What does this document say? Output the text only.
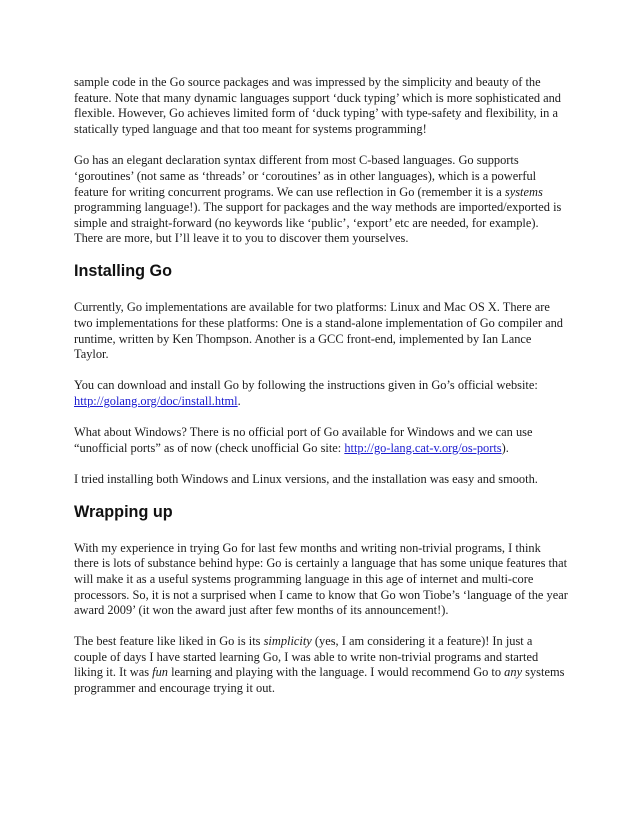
sample code in the Go source packages and was impressed by the simplicity and beauty of the feature. Note that many dynamic languages support ‘duck typing’ which is more sophisticated and flexible. However, Go achieves limited form of ‘duck typing’ with type-safety and flexibility, in a statically typed language and that too meant for systems programming!

Go has an elegant declaration syntax different from most C-based languages. Go supports ‘goroutines’ (not same as ‘threads’ or ‘coroutines’ as in other languages), which is a powerful feature for writing concurrent programs. We can use reflection in Go (remember it is a systems programming language!). The support for packages and the way methods are imported/exported is simple and straight-forward (no keywords like ‘public’, ‘export’ etc are needed, for example). There are more, but I’ll leave it to you to discover them yourselves.

Installing Go

Currently, Go implementations are available for two platforms: Linux and Mac OS X. There are two implementations for these platforms: One is a stand-alone implementation of Go compiler and runtime, written by Ken Thompson. Another is a GCC front-end, implemented by Ian Lance Taylor.

You can download and install Go by following the instructions given in Go’s official website: http://golang.org/doc/install.html.

What about Windows? There is no official port of Go available for Windows and we can use “unofficial ports” as of now (check unofficial Go site: http://go-lang.cat-v.org/os-ports).

I tried installing both Windows and Linux versions, and the installation was easy and smooth.

Wrapping up

With my experience in trying Go for last few months and writing non-trivial programs, I think there is lots of substance behind hype: Go is certainly a language that has some unique features that will make it as a useful systems programming language in this age of internet and multi-core processors. So, it is not a surprised when I came to know that Go won Tiobe’s ‘language of the year award 2009’ (it won the award just after few months of its announcement!).

The best feature like liked in Go is its simplicity (yes, I am considering it a feature)! In just a couple of days I have started learning Go, I was able to write non-trivial programs and started liking it. It was fun learning and playing with the language. I would recommend Go to any systems programmer and encourage trying it out.
